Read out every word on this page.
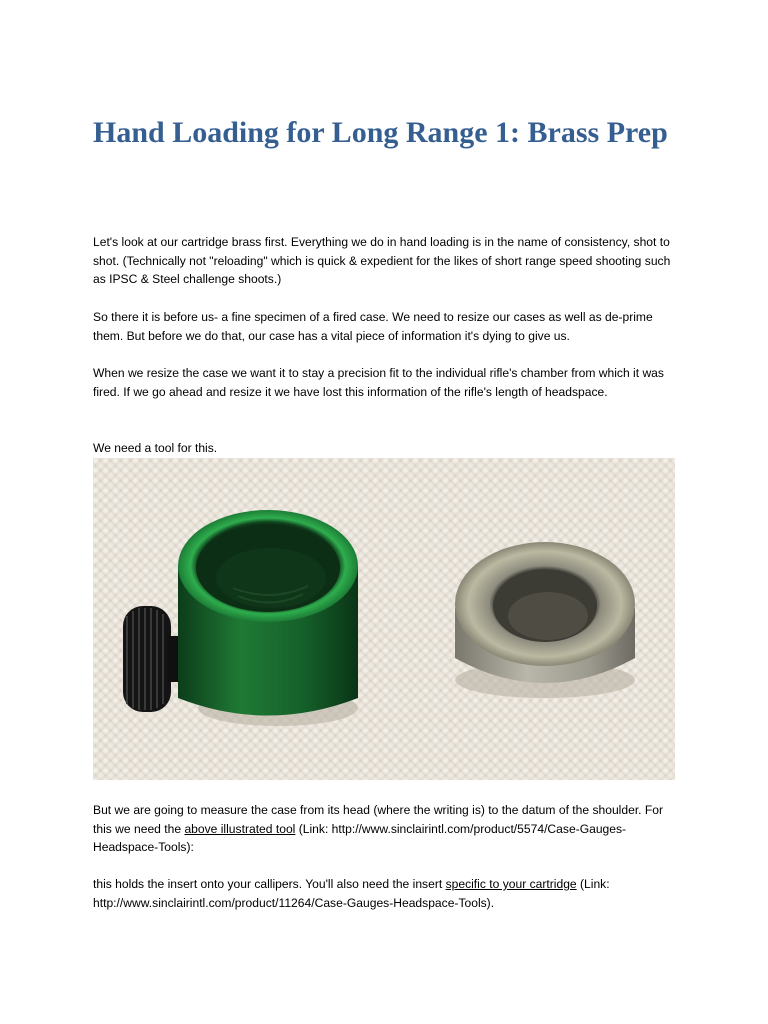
Hand Loading for Long Range 1: Brass Prep

Let's look at our cartridge brass first. Everything we do in hand loading is in the name of consistency, shot to shot. (Technically not "reloading" which is quick & expedient for the likes of short range speed shooting such as IPSC & Steel challenge shoots.)

So there it is before us- a fine specimen of a fired case. We need to resize our cases as well as de-prime them. But before we do that, our case has a vital piece of information it's dying to give us.

When we resize the case we want it to stay a precision fit to the individual rifle's chamber from which it was fired. If we go ahead and resize it we have lost this information of the rifle's length of headspace.

We need a tool for this.

But we are going to measure the case from its head (where the writing is) to the datum of the shoulder. For this we need the above illustrated tool (Link: http://www.sinclairintl.com/product/5574/Case-Gauges-Headspace-Tools):

this holds the insert onto your callipers. You'll also need the insert specific to your cartridge (Link: http://www.sinclairintl.com/product/11264/Case-Gauges-Headspace-Tools).
